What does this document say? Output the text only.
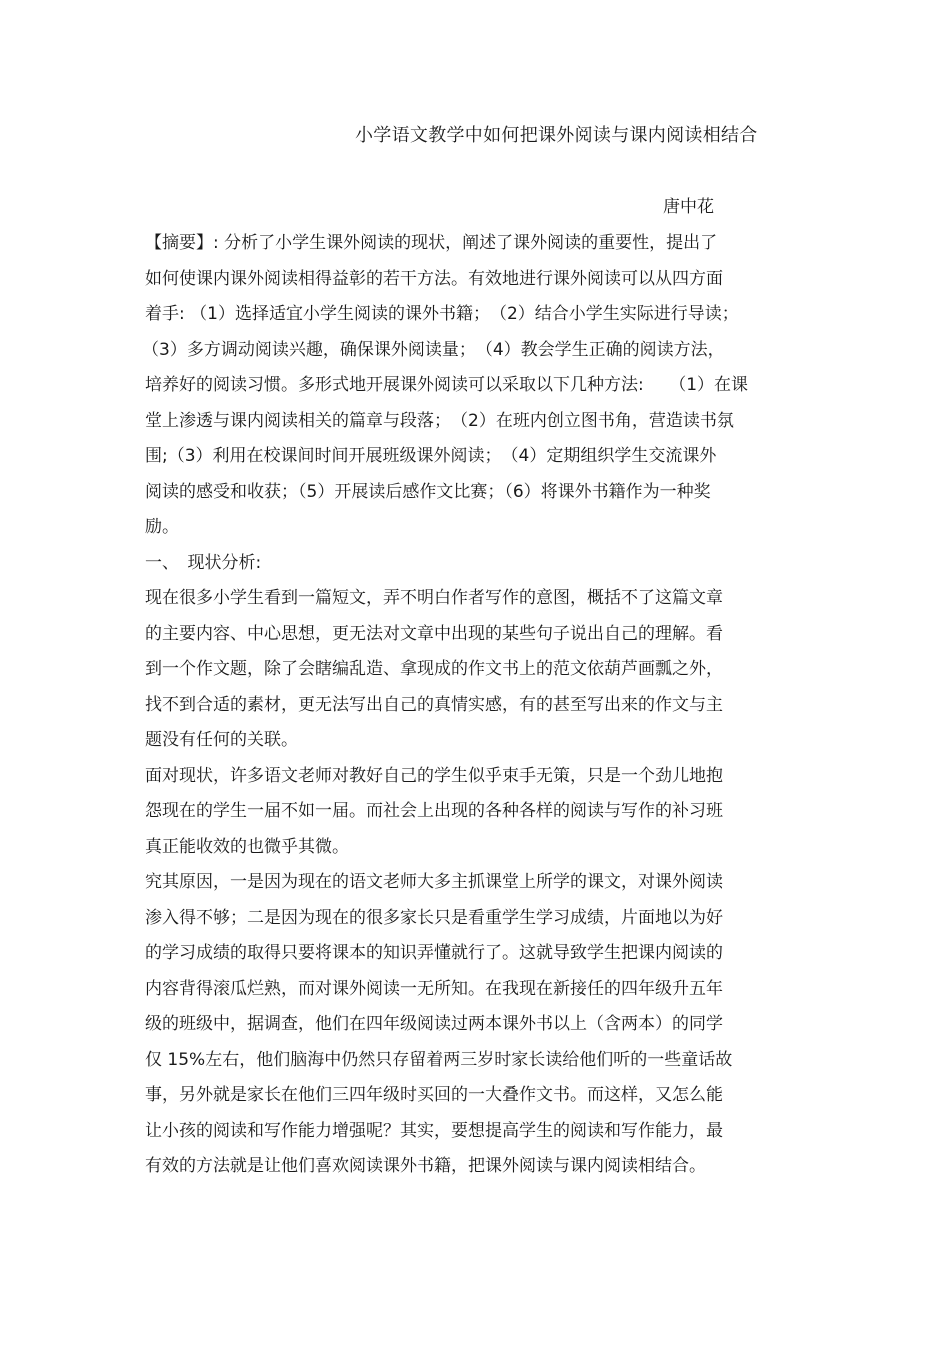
小学语文教学中如何把课外阅读与课内阅读相结合
唐中花
【摘要】: 分析了小学生课外阅读的现状，阐述了课外阅读的重要性，提出了
如何使课内课外阅读相得益彰的若干方法。有效地进行课外阅读可以从四方面
着手: （1）选择适宜小学生阅读的课外书籍；　（2）结合小学生实际进行导读；
（3）多方调动阅读兴趣，确保课外阅读量；　（4）教会学生正确的阅读方法，
培养好的阅读习惯。多形式地开展课外阅读可以采取以下几种方法:　　（1）在课
堂上渗透与课内阅读相关的篇章与段落；　（2）在班内创立图书角，营造读书氛
围;（3）利用在校课间时间开展班级课外阅读；　（4）定期组织学生交流课外
阅读的感受和收获；（5）开展读后感作文比赛；（6）将课外书籍作为一种奖
励。
一、　现状分析:
现在很多小学生看到一篇短文，弄不明白作者写作的意图，概括不了这篇文章
的主要内容、中心思想，更无法对文章中出现的某些句子说出自己的理解。看
到一个作文题，除了会瞎编乱造、拿现成的作文书上的范文依葫芦画瓢之外，
找不到合适的素材，更无法写出自己的真情实感，有的甚至写出来的作文与主
题没有任何的关联。
面对现状，许多语文老师对教好自己的学生似乎束手无策，只是一个劲儿地抱
怨现在的学生一届不如一届。而社会上出现的各种各样的阅读与写作的补习班
真正能收效的也微乎其微。
究其原因，一是因为现在的语文老师大多主抓课堂上所学的课文，对课外阅读
渗入得不够；二是因为现在的很多家长只是看重学生学习成绩，片面地以为好
的学习成绩的取得只要将课本的知识弄懂就行了。这就导致学生把课内阅读的
内容背得滚瓜烂熟，而对课外阅读一无所知。在我现在新接任的四年级升五年
级的班级中，据调查，他们在四年级阅读过两本课外书以上（含两本）的同学
仅 15%左右，他们脑海中仍然只存留着两三岁时家长读给他们听的一些童话故
事，另外就是家长在他们三四年级时买回的一大叠作文书。而这样，又怎么能
让小孩的阅读和写作能力增强呢？其实，要想提高学生的阅读和写作能力，最
有效的方法就是让他们喜欢阅读课外书籍，把课外阅读与课内阅读相结合。
